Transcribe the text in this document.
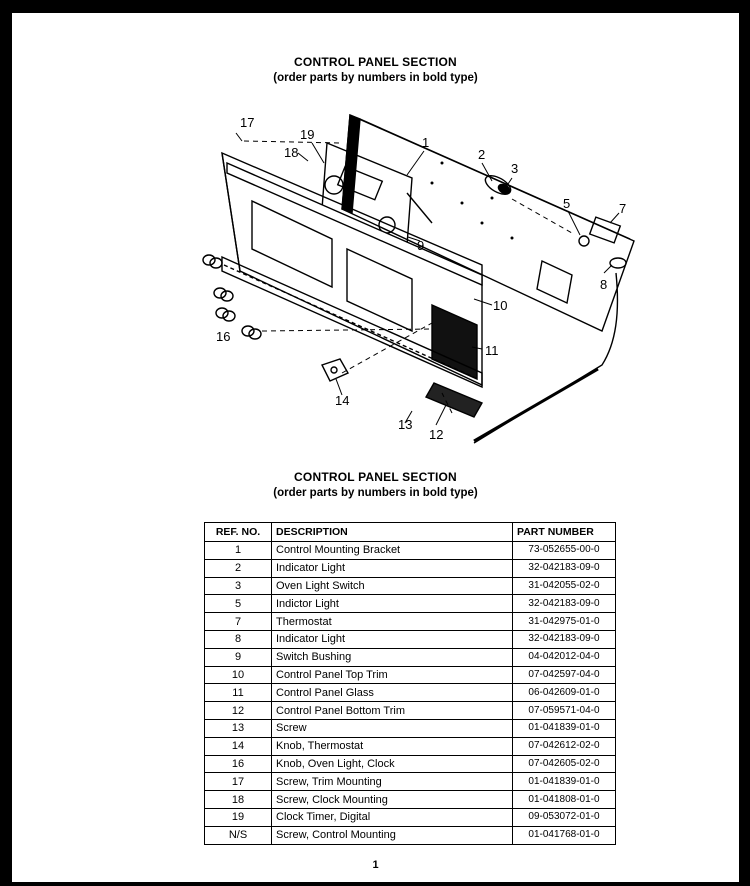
CONTROL PANEL SECTION
(order parts by numbers in bold type)
1
2
3
5	7
8
9
10
11
12
13
14
16
17
18
19
CONTROL PANEL SECTION
(order parts by numbers in bold type)
REF. NO.	DESCRIPTION	PART NUMBER
1	Control Mounting Bracket	73-052655-00-0
2	Indicator Light	32-042183-09-0
3	Oven Light Switch	31-042055-02-0
5	Indictor Light	32-042183-09-0
7	Thermostat	31-042975-01-0
8	Indicator Light	32-042183-09-0
9	Switch Bushing	04-042012-04-0
10	Control Panel Top Trim	07-042597-04-0
11	Control Panel Glass	06-042609-01-0
12	Control Panel Bottom Trim	07-059571-04-0
13	Screw	01-041839-01-0
14	Knob, Thermostat	07-042612-02-0
16	Knob, Oven Light, Clock	07-042605-02-0
17	Screw, Trim Mounting	01-041839-01-0
18	Screw, Clock Mounting	01-041808-01-0
19	Clock Timer, Digital	09-053072-01-0
N/S	Screw, Control Mounting	01-041768-01-0
1
